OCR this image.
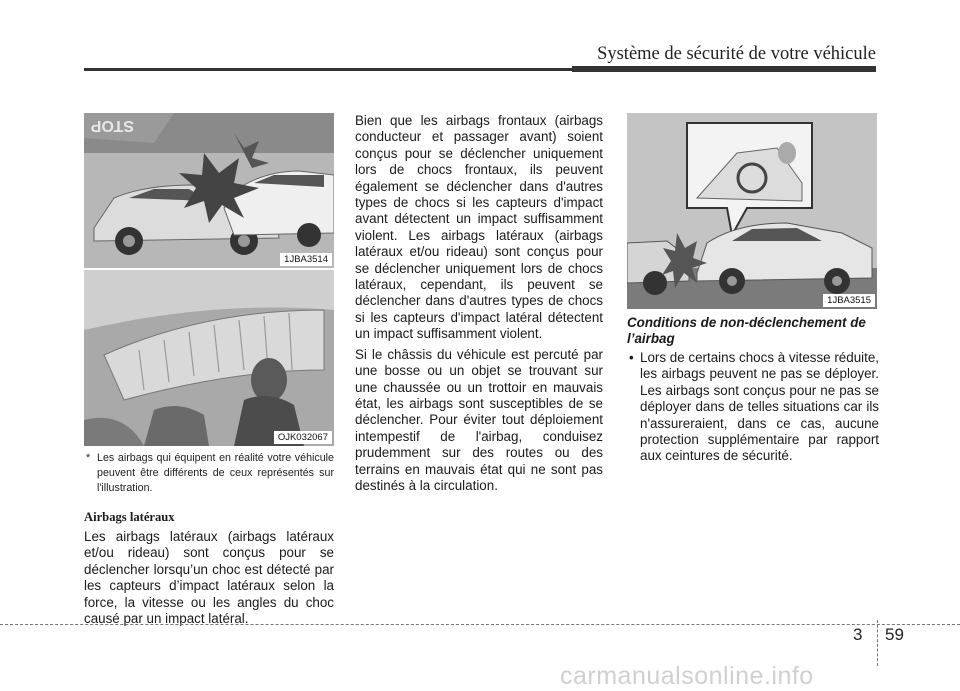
Système de sécurité de votre véhicule
STOP
1JBA3514
OJK032067
1JBA3515
* Les airbags qui équipent en réalité votre véhicule peuvent être différents de ceux représentés sur l'illustration.
Airbags latéraux

Les airbags latéraux (airbags latéraux et/ou rideau) sont conçus pour se déclencher lorsqu’un choc est détecté par les capteurs d’impact latéraux selon la force, la vitesse ou les angles du choc causé par un impact latéral.

Bien que les airbags frontaux (airbags conducteur et passager avant) soient conçus pour se déclencher uniquement lors de chocs frontaux, ils peuvent également se déclencher dans d'autres types de chocs si les capteurs d'impact avant détectent un impact suffisamment violent. Les airbags latéraux (airbags latéraux et/ou rideau) sont conçus pour se déclencher uniquement lors de chocs latéraux, cependant, ils peuvent se déclencher dans d'autres types de chocs si les capteurs d'impact latéral détectent un impact suffisamment violent.

Si le châssis du véhicule est percuté par une bosse ou un objet se trouvant sur une chaussée ou un trottoir en mauvais état, les airbags sont susceptibles de se déclencher. Pour éviter tout déploiement intempestif de l'airbag, conduisez prudemment sur des routes ou des terrains en mauvais état qui ne sont pas destinés à la circulation.

Conditions de non-déclenchement de l’airbag
• Lors de certains chocs à vitesse réduite, les airbags peuvent ne pas se déployer. Les airbags sont conçus pour ne pas se déployer dans de telles situations car ils n'assureraient, dans ce cas, aucune protection supplémentaire par rapport aux ceintures de sécurité.
3 59
carmanualsonline.info
